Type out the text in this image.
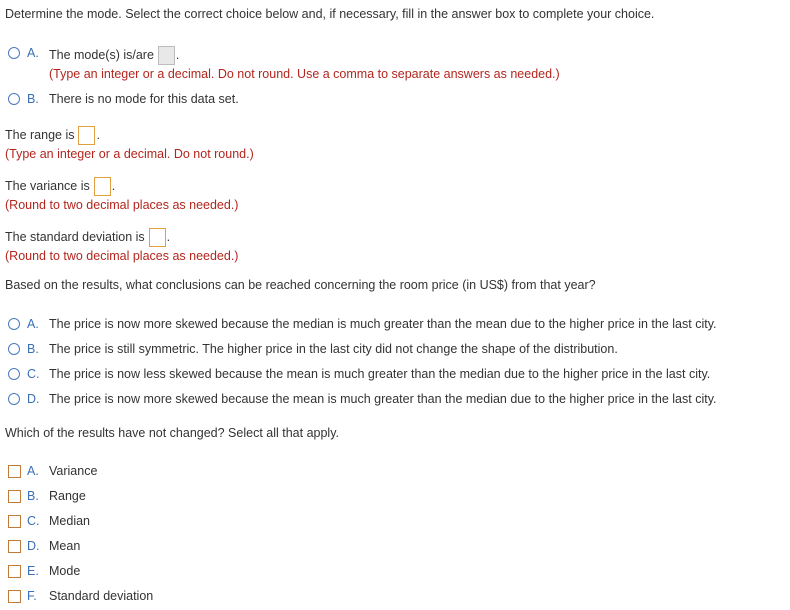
Determine the mode. Select the correct choice below and, if necessary, fill in the answer box to complete your choice.
A. The mode(s) is/are .
(Type an integer or a decimal. Do not round. Use a comma to separate answers as needed.)
B. There is no mode for this data set.
The range is .
(Type an integer or a decimal. Do not round.)
The variance is .
(Round to two decimal places as needed.)
The standard deviation is .
(Round to two decimal places as needed.)
Based on the results, what conclusions can be reached concerning the room price (in US$) from that year?
A. The price is now more skewed because the median is much greater than the mean due to the higher price in the last city.
B. The price is still symmetric. The higher price in the last city did not change the shape of the distribution.
C. The price is now less skewed because the mean is much greater than the median due to the higher price in the last city.
D. The price is now more skewed because the mean is much greater than the median due to the higher price in the last city.
Which of the results have not changed? Select all that apply.
A. Variance
B. Range
C. Median
D. Mean
E. Mode
F. Standard deviation
